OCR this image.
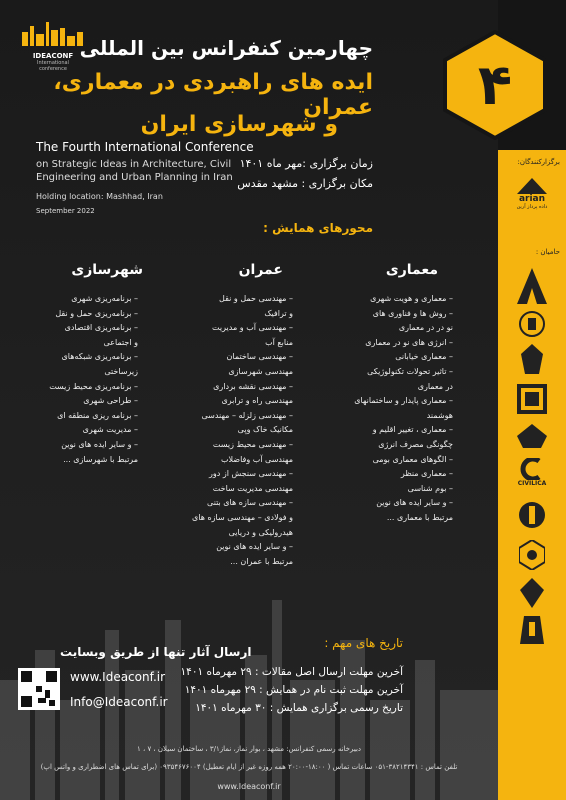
IDEACONF
International
conference
چهارمین کنفرانس بین المللی
ایده های راهبردی در معماری، عمران
و شهرسازی ایران
The Fourth International Conference
on Strategic Ideas in Architecture, Civil Engineering and Urban Planning in Iran
Holding location: Mashhad, Iran
September 2022
زمان برگزاری :مهر ماه ۱۴۰۱
مکان برگزاری : مشهد مقدس
محورهای همایش :
معماری
عمران
شهرسازی
– معماری و هویت شهری
– روش ها و فناوری های
نو در در معماری
– انرژی های نو در معماری
– معماری خیابانی
– تاثیر تحولات تکنولوژیکی
در معماری
– معماری پایدار و ساختمانهای
هوشمند
– معماری ، تغییر اقلیم و
چگونگی مصرف انرژی
– الگوهای معماری بومی
– معماری منظر
– بوم شناسی
– و سایر ایده های نوین
مرتبط با معماری ...
– مهندسی حمل و نقل
و ترافیک
– مهندسی آب و مدیریت
منابع آب
– مهندسی ساختمان
مهندسی شهرسازی
– مهندسی نقشه برداری
مهندسی راه و ترابری
– مهندسی زلزله – مهندسی
مکانیک خاک وپی
– مهندسی محیط زیست
مهندسی آب وفاضلاب
– مهندسی سنجش از دور
مهندسی مدیریت ساخت
– مهندسی سازه های بتنی
و فولادی – مهندسی سازه های
هیدرولیکی و دریایی
– و سایر ایده های نوین
مرتبط با عمران ...
– برنامه‌ریزی شهری
– برنامه‌ریزی حمل و نقل
– برنامه‌ریزی اقتصادی
و اجتماعی
– برنامه‌ریزی شبکه‌های
زیرساختی
– برنامه‌ریزی محیط زیست
– طراحی شهری
– برنامه ریزی منطقه ای
– مدیریت شهری
– و سایر ایده های نوین
مرتبط با شهرسازی ...
تاریخ های مهم :
آخرین مهلت ارسال اصل مقالات : ۲۹ مهرماه ۱۴۰۱
آخرین مهلت ثبت نام در همایش : ۲۹ مهرماه ۱۴۰۱
تاریخ رسمی برگزاری همایش : ۳۰ مهرماه ۱۴۰۱
ارسال آثار تنها از طریق وبسایت
www.Ideaconf.ir
Info@Ideaconf.ir
دبیرخانه رسمی کنفرانس: مشهد ، بوار نماز، نماز۳/۱ ، ساختمان سیلان ، ۷ ، ۱
تلفن تماس : ۳۸۲۱۴۳۴۱-۰۵۱ ساعات تماس ( ۱۸:۰۰-۲۰:۰۰ همه روزه غیر از ایام تعطیل) ۰۹۳۵۴۶۷۶۰۰۴ (برای تماس های اضطراری و واتس اپ)
www.Ideaconf.ir
برگزارکنندگان:
arian
داده پرداز آرین
حامیان :
CIVILICA
۴
